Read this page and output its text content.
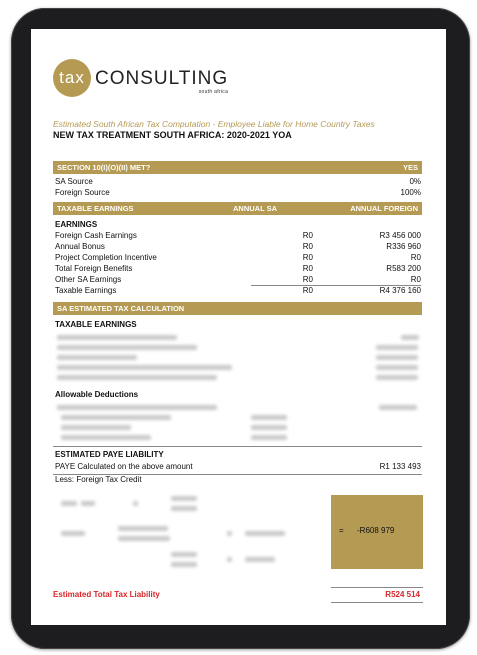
tax CONSULTING
south africa
Estimated South African Tax Computation - Employee Liable for Home Country Taxes
NEW TAX TREATMENT SOUTH AFRICA: 2020-2021 YOA
SECTION 10(I)(O)(II) MET?	YES
SA Source	0%
Foreign Source	100%
TAXABLE EARNINGS	ANNUAL SA	ANNUAL FOREIGN
EARNINGS
Foreign Cash Earnings	R0	R3 456 000
Annual Bonus	R0	R336 960
Project Completion Incentive	R0	R0
Total Foreign Benefits	R0	R583 200
Other SA Earnings	R0	R0
Taxable Earnings	R0	R4 376 160
SA ESTIMATED TAX CALCULATION
TAXABLE EARNINGS
Allowable Deductions
ESTIMATED PAYE LIABILITY
PAYE Calculated on the above amount	R1 133 493
Less: Foreign Tax Credit
= -R608 979
Estimated Total Tax Liability	R524 514
